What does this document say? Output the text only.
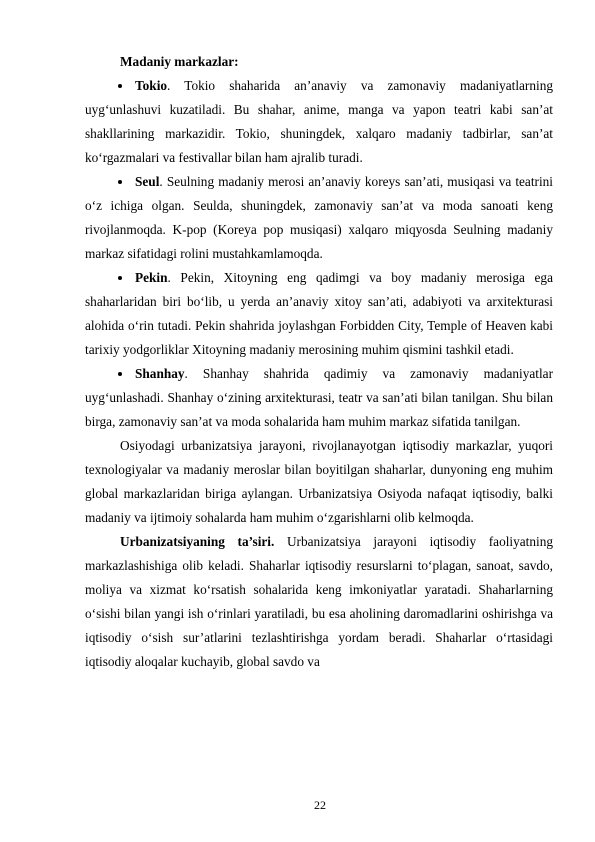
Madaniy markazlar:

Tokio. Tokio shaharida an’anaviy va zamonaviy madaniyatlarning uyg‘unlashuvi kuzatiladi. Bu shahar, anime, manga va yapon teatri kabi san’at shakllarining markazidir. Tokio, shuningdek, xalqaro madaniy tadbirlar, san’at ko‘rgazmalari va festivallar bilan ham ajralib turadi.

Seul. Seulning madaniy merosi an’anaviy koreys san’ati, musiqasi va teatrini o‘z ichiga olgan. Seulda, shuningdek, zamonaviy san’at va moda sanoati keng rivojlanmoqda. K-pop (Koreya pop musiqasi) xalqaro miqyosda Seulning madaniy markaz sifatidagi rolini mustahkamlamoqda.

Pekin. Pekin, Xitoyning eng qadimgi va boy madaniy merosiga ega shaharlaridan biri bo‘lib, u yerda an’anaviy xitoy san’ati, adabiyoti va arxitekturasi alohida o‘rin tutadi. Pekin shahrida joylashgan Forbidden City, Temple of Heaven kabi tarixiy yodgorliklar Xitoyning madaniy merosining muhim qismini tashkil etadi.

Shanhay. Shanhay shahrida qadimiy va zamonaviy madaniyatlar uyg‘unlashadi. Shanhay o‘zining arxitekturasi, teatr va san’ati bilan tanilgan. Shu bilan birga, zamonaviy san’at va moda sohalarida ham muhim markaz sifatida tanilgan.

Osiyodagi urbanizatsiya jarayoni, rivojlanayotgan iqtisodiy markazlar, yuqori texnologiyalar va madaniy meroslar bilan boyitilgan shaharlar, dunyoning eng muhim global markazlaridan biriga aylangan. Urbanizatsiya Osiyoda nafaqat iqtisodiy, balki madaniy va ijtimoiy sohalarda ham muhim o‘zgarishlarni olib kelmoqda.

Urbanizatsiyaning ta’siri. Urbanizatsiya jarayoni iqtisodiy faoliyatning markazlashishiga olib keladi. Shaharlar iqtisodiy resurslarni to‘plagan, sanoat, savdo, moliya va xizmat ko‘rsatish sohalarida keng imkoniyatlar yaratadi. Shaharlarning o‘sishi bilan yangi ish o‘rinlari yaratiladi, bu esa aholining daromadlarini oshirishga va iqtisodiy o‘sish sur’atlarini tezlashtirishga yordam beradi. Shaharlar o‘rtasidagi iqtisodiy aloqalar kuchayib, global savdo va

22
